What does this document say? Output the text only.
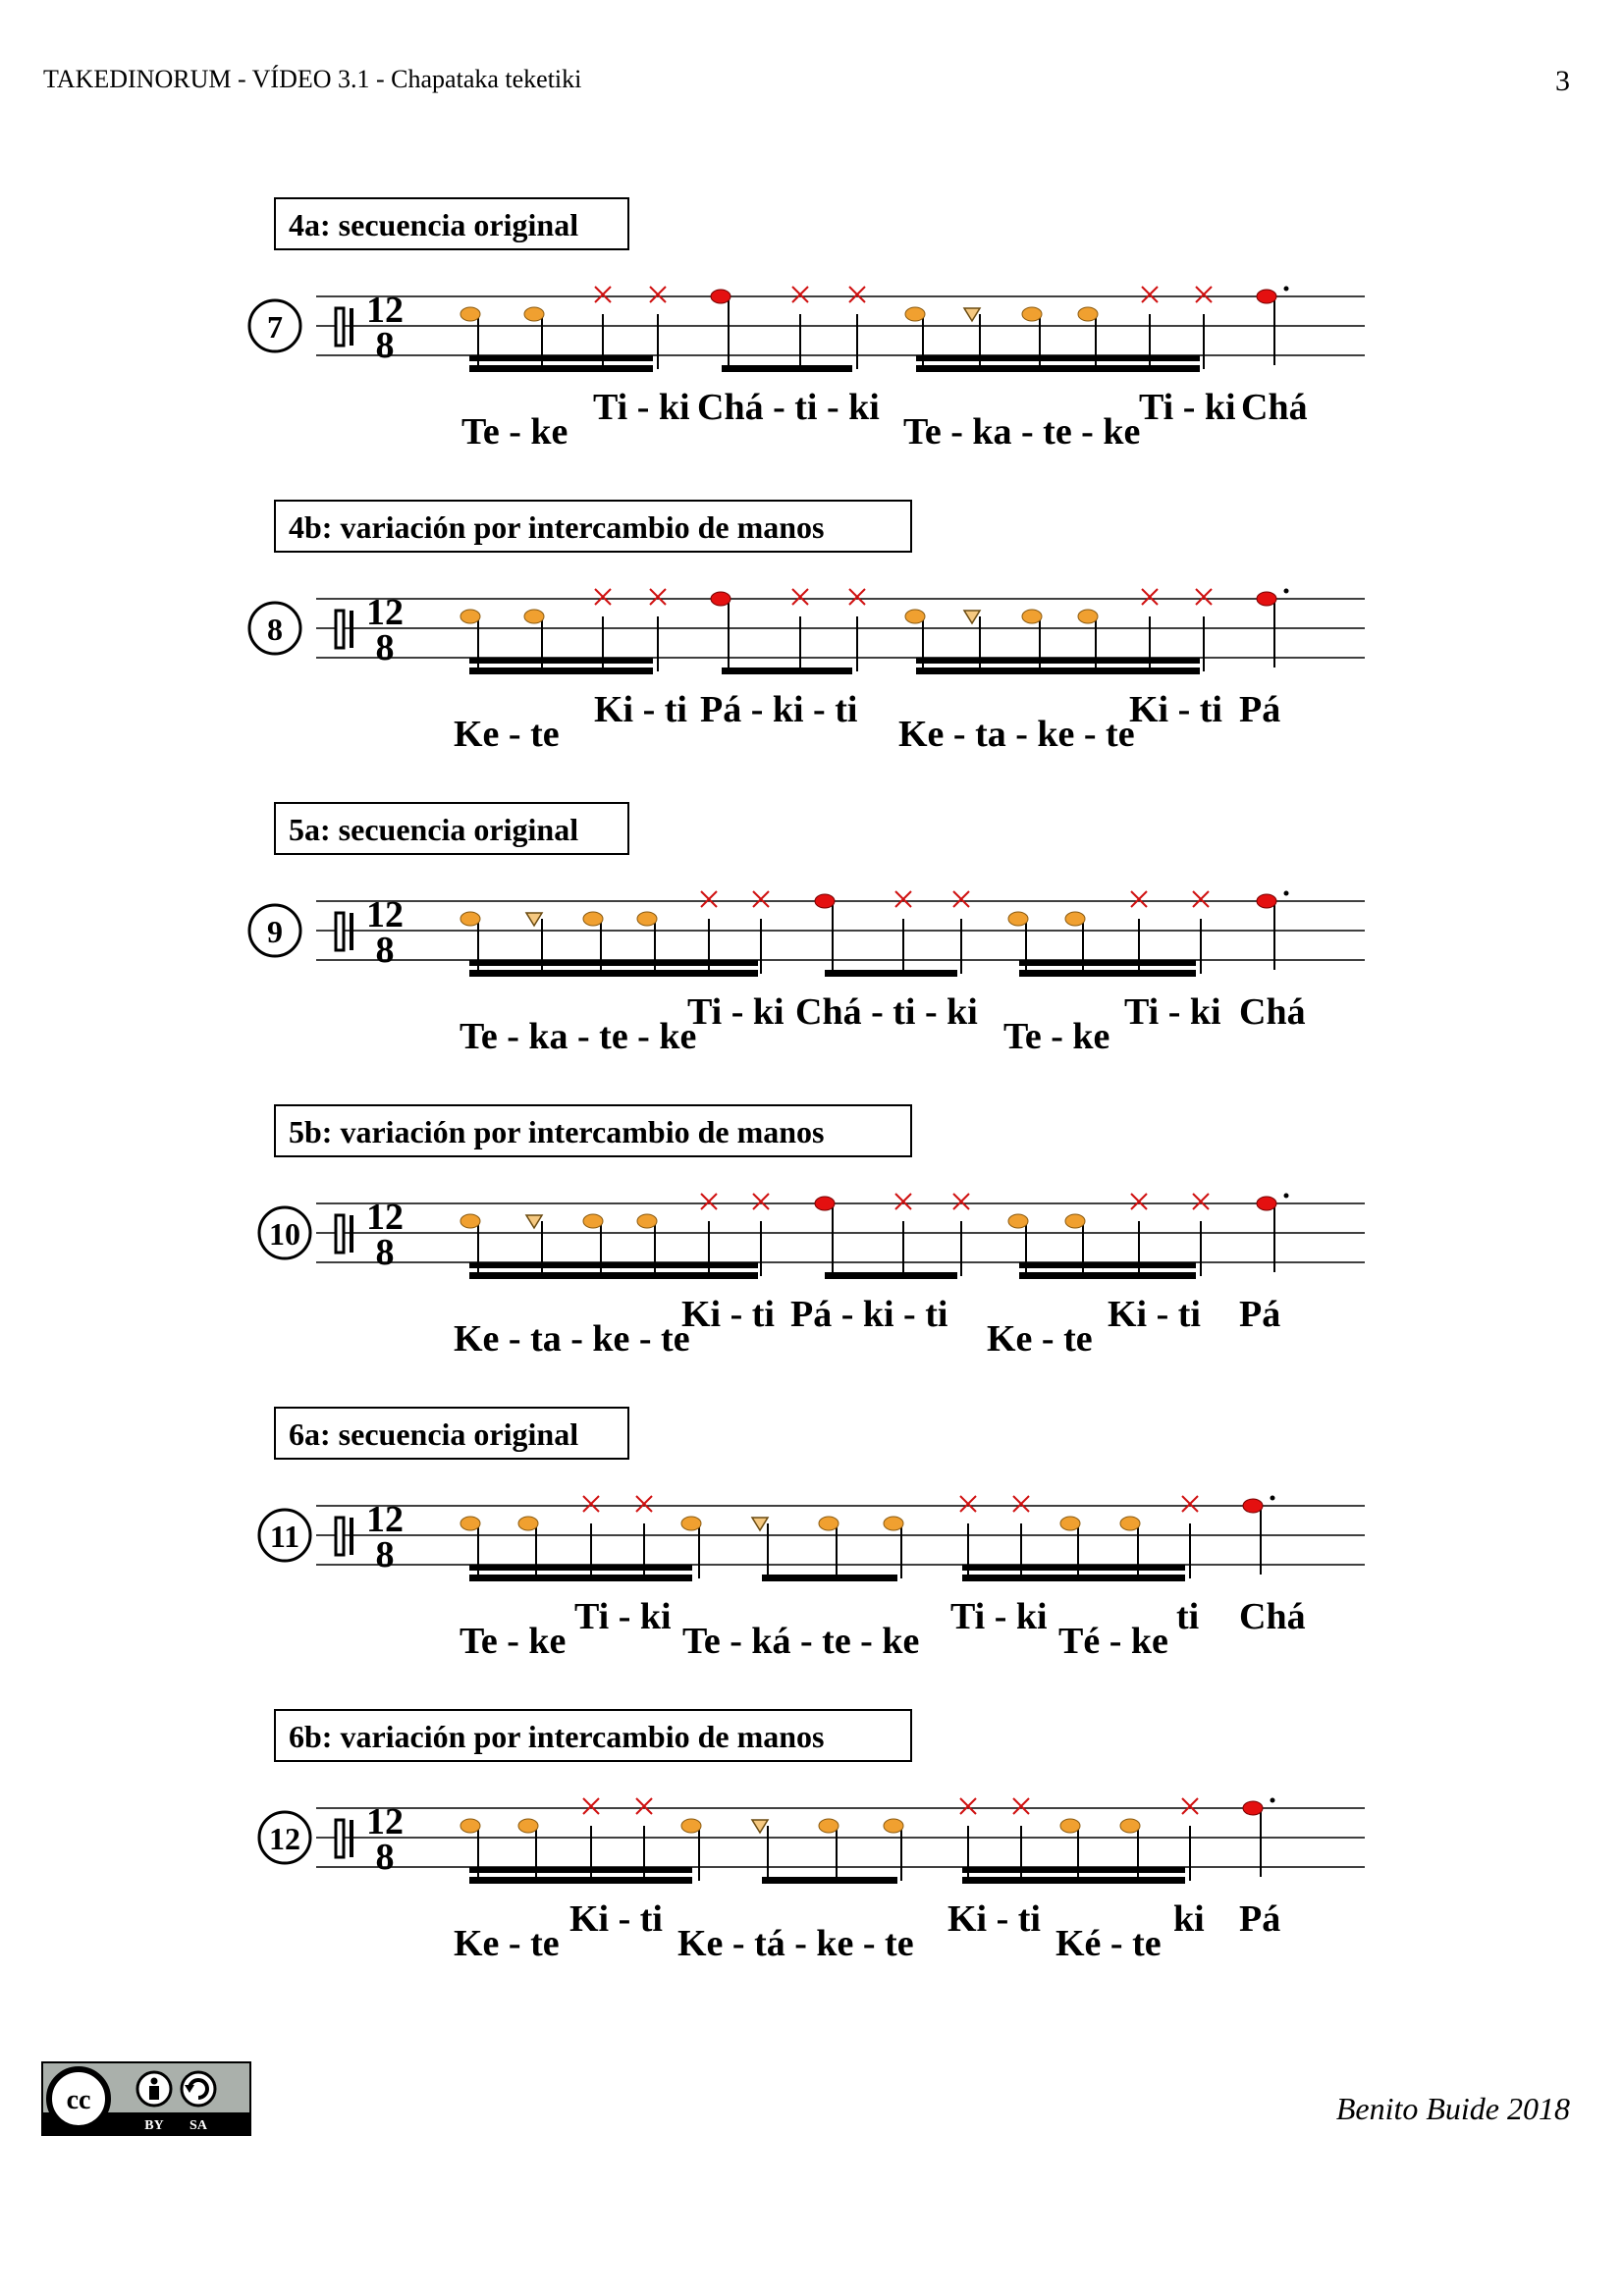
TAKEDINORUM - VÍDEO 3.1 - Chapataka teketiki	3
4a: secuencia original
7 12
8
Te - ke
Ti - ki Chá - ti - ki
Te - ka - te - ke
Ti - ki Chá
4b: variación por intercambio de manos
8 12
8
Ke - te
Ki - ti Pá - ki - ti
Ke - ta - ke - te
Ki - ti Pá
5a: secuencia original
9 12
8
Te - ka - te - ke
Ti - ki Chá - ti - ki
Te - ke
Ti - ki Chá
5b: variación por intercambio de manos
10 12
8
Ke - ta - ke - te
Ki - ti Pá - ki - ti
Ke - te
Ki - ti Pá
6a: secuencia original
11 12
8
Te - ke
Ti - ki
Te - ká - te - ke
Ti - ki
Té - ke
ti Chá
6b: variación por intercambio de manos
12 12
8
Ke - te
Ki - ti
Ke - tá - ke - te
Ki - ti
Ké - te
ki Pá
cc
BY SA	Benito Buide 2018
